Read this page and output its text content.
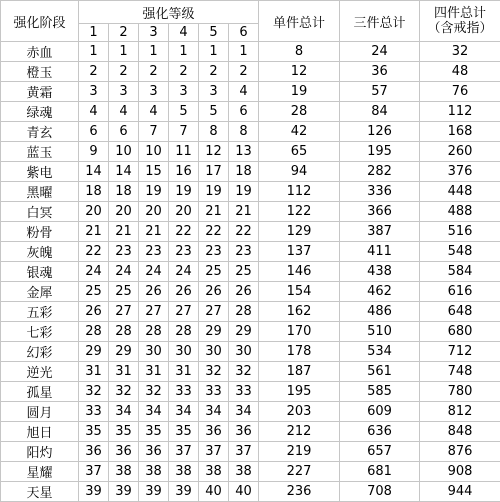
强化阶段	强化等级						单件总计	三件总计	四件总计
（含戒指）

	1	2	3	4	5	6			
赤血	1	1	1	1	1	1	8	24	32
橙玉	2	2	2	2	2	2	12	36	48
黄霜	3	3	3	3	3	4	19	57	76
绿魂	4	4	4	5	5	6	28	84	112
青玄	6	6	7	7	8	8	42	126	168
蓝玉	9	10	10	11	12	13	65	195	260
紫电	14	14	15	16	17	18	94	282	376
黑曜	18	18	19	19	19	19	112	336	448
白冥	20	20	20	20	21	21	122	366	488
粉骨	21	21	21	22	22	22	129	387	516
灰魄	22	23	23	23	23	23	137	411	548
银魂	24	24	24	24	25	25	146	438	584
金犀	25	25	26	26	26	26	154	462	616
五彩	26	27	27	27	27	28	162	486	648
七彩	28	28	28	28	29	29	170	510	680
幻彩	29	29	30	30	30	30	178	534	712
逆光	31	31	31	31	32	32	187	561	748
孤星	32	32	32	33	33	33	195	585	780
圆月	33	34	34	34	34	34	203	609	812
旭日	35	35	35	35	36	36	212	636	848
阳灼	36	36	36	37	37	37	219	657	876
星耀	37	38	38	38	38	38	227	681	908
天星	39	39	39	39	40	40	236	708	944
